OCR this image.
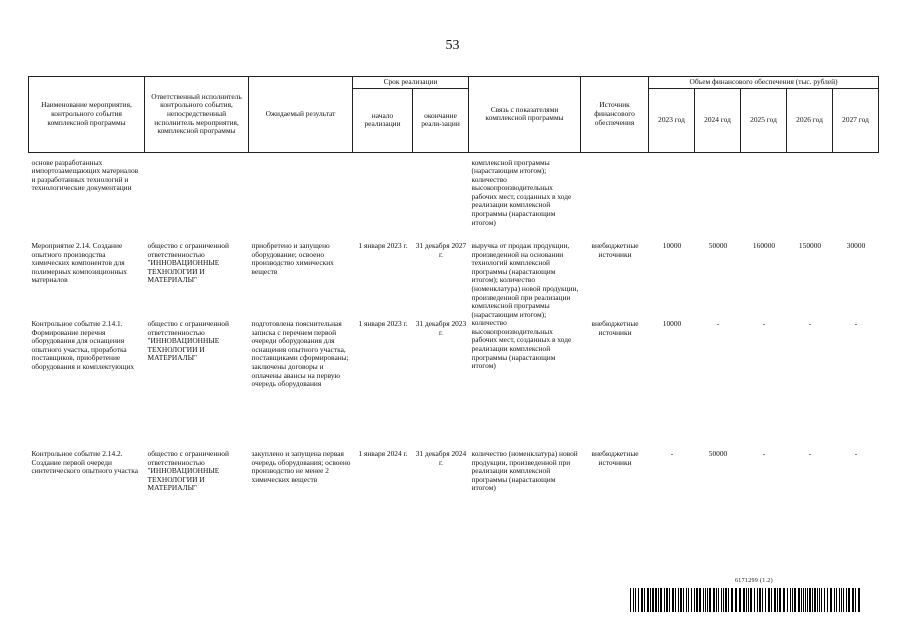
53
Наименование мероприятия, контрольного события комплексной программы	Ответственный исполнитель контрольного события, непосредственный исполнитель мероприятия, комплексной программы	Ожидаемый результат	Срок реализации		Связь с показателями комплексной программы	Источник финансового обеспечения	Объем финансового обеспечения (тыс. рублей)				
			начало реализации	окончание реали-зации			2023 год	2024 год	2025 год	2026 год	2027 год
основе разработанных импортозамещающих материалов и разработанных технологий и технологические документации					комплексной программы (нарастающим итогом); количество высокопроизводительных рабочих мест, созданных в ходе реализации комплексной программы (нарастающим итогом)						
Мероприятие 2.14. Создание опытного производства химических компонентов для полимерных композиционных материалов	общество с ограниченной ответственностью "ИННОВАЦИОННЫЕ ТЕХНОЛОГИИ И МАТЕРИАЛЫ"	приобретено и запущено оборудование; освоено производство химических веществ	1 января 2023 г.	31 декабря 2027 г.	выручка от продаж продукции, произведенной на основании технологий комплексной программы (нарастающим итогом); количество (номенклатура) новой продукции, произведенной при реализации комплексной программы (нарастающим итогом); количество высокопроизводительных рабочих мест, созданных в ходе реализации комплексной программы (нарастающим итогом)	внебюджетные источники	10000	50000	160000	150000	30000
Контрольное событие 2.14.1. Формирование перечня оборудования для оснащения опытного участка, проработка поставщиков, приобретение оборудования и комплектующих	общество с ограниченной ответственностью "ИННОВАЦИОННЫЕ ТЕХНОЛОГИИ И МАТЕРИАЛЫ"	подготовлена пояснительная записка с перечнем первой очереди оборудования для оснащения опытного участка, поставщиками сформированы; заключены договоры и оплачены авансы на первую очередь оборудования	1 января 2023 г.	31 декабря 2023 г.		внебюджетные источники	10000	-	-	-	-
Контрольное событие 2.14.2. Создание первой очереди синтетического опытного участка	общество с ограниченной ответственностью "ИННОВАЦИОННЫЕ ТЕХНОЛОГИИ И МАТЕРИАЛЫ"	закуплено и запущена первая очередь оборудования; освоено производство не менее 2 химических веществ	1 января 2024 г.	31 декабря 2024 г.	количество (номенклатура) новой продукции, произведенной при реализации комплексной программы (нарастающим итогом)	внебюджетные источники	-	50000	-	-	-
6171299 (1.2)
